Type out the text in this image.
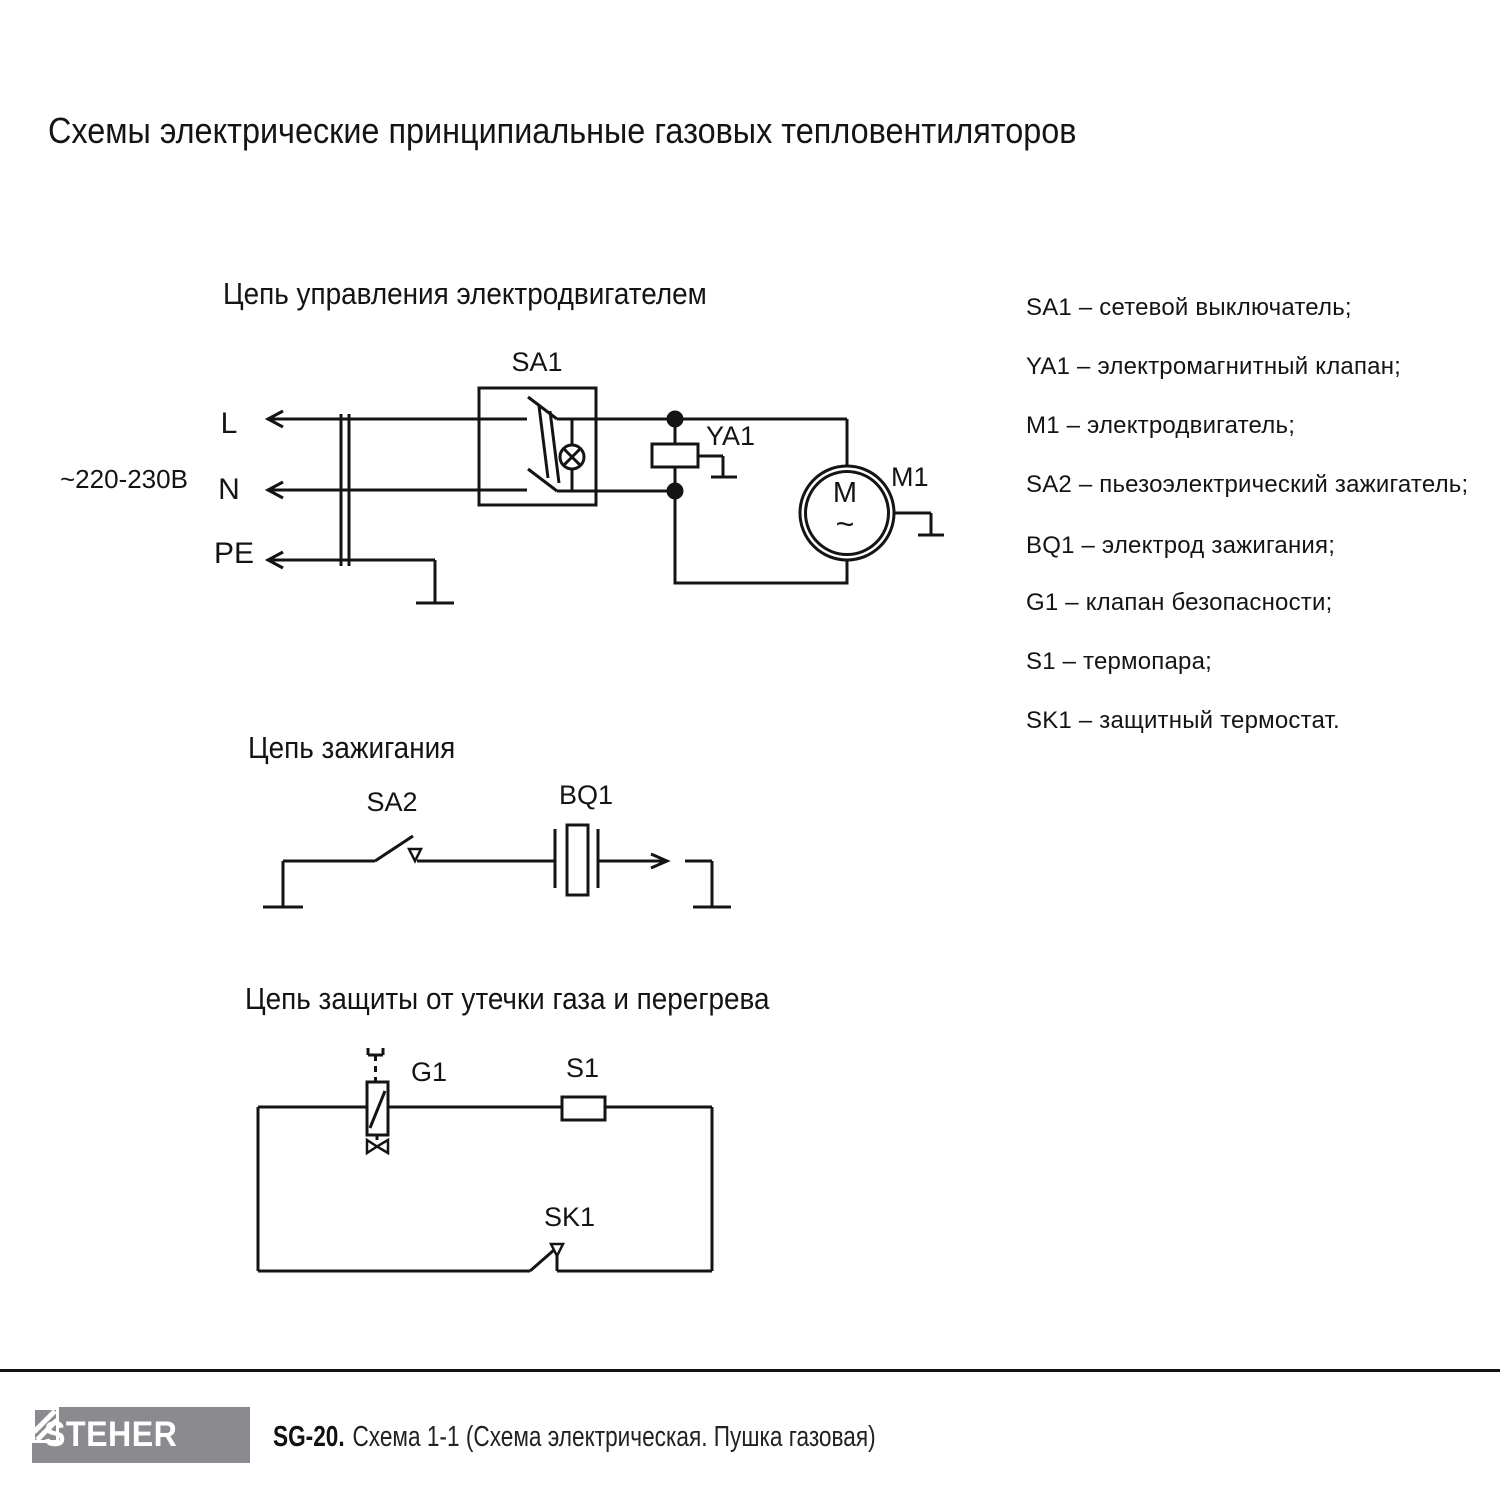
Схемы электрические принципиальные газовых тепловентиляторов
Цепь управления электродвигателем
~220-230В
L
N
PE
SA1
YA1
M1
M
~
Цепь зажигания
SA2	BQ1
Цепь защиты от утечки газа и перегрева
G1	S1
SK1
SA1 – сетевой выключатель;
YA1 – электромагнитный клапан;
M1 – электродвигатель;
SA2 – пьезоэлектрический зажигатель;
BQ1 – электрод зажигания;
G1 – клапан безопасности;
S1 – термопара;
SK1 – защитный термостат.
STEHER	SG-20. Схема 1-1 (Схема электрическая. Пушка газовая)
